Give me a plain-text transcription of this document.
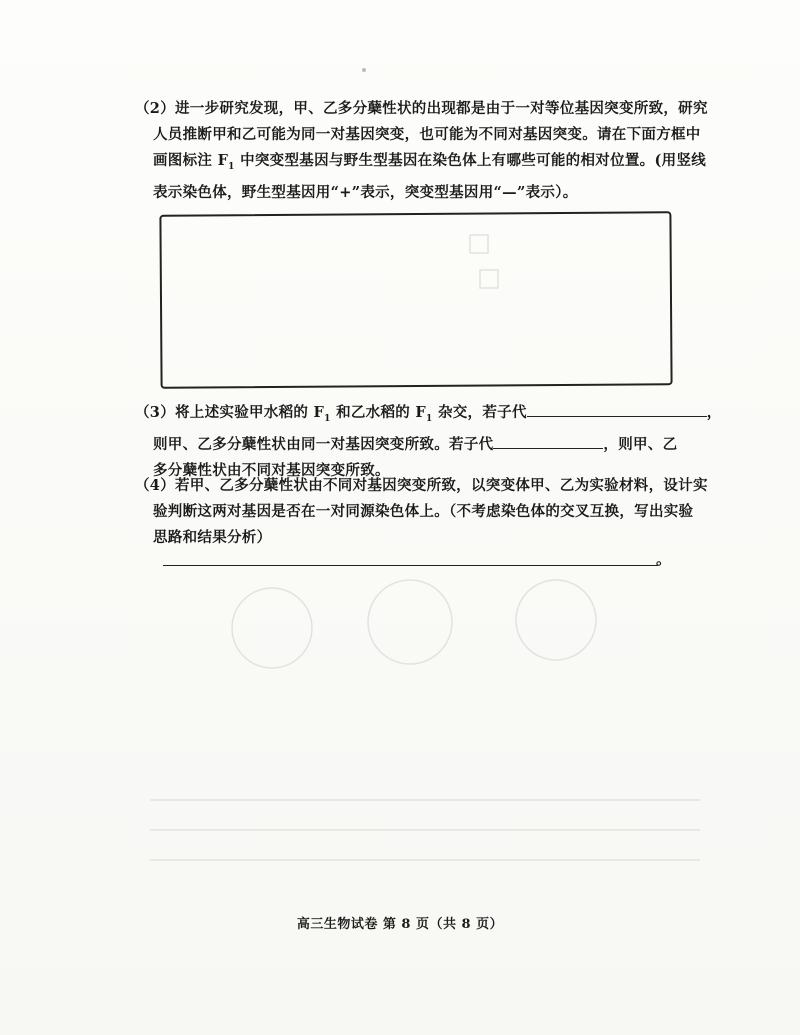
（2）进一步研究发现，甲、乙多分蘖性状的出现都是由于一对等位基因突变所致，研究
人员推断甲和乙可能为同一对基因突变，也可能为不同对基因突变。请在下面方框中
画图标注 $F_1$ 中突变型基因与野生型基因在染色体上有哪些可能的相对位置。(用竖线
表示染色体，野生型基因用“+”表示，突变型基因用“—”表示）。
（3）将上述实验甲水稻的 $F_1$ 和乙水稻的 $F_1$ 杂交，若子代	，
则甲、乙多分蘖性状由同一对基因突变所致。若子代	，则甲、乙
多分蘖性状由不同对基因突变所致。
（4）若甲、乙多分蘖性状由不同对基因突变所致，以突变体甲、乙为实验材料，设计实
验判断这两对基因是否在一对同源染色体上。（不考虑染色体的交叉互换，写出实验
思路和结果分析）
。
高三生物试卷 第 8 页（共 8 页）
